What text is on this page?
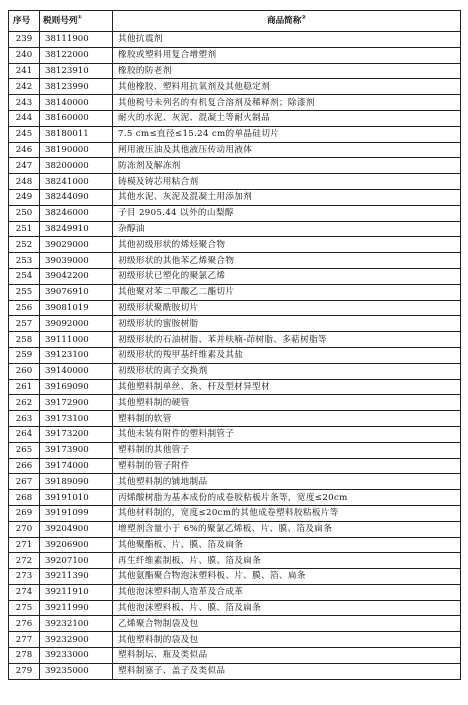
序号	税则号列①	商品简称②
239	38111900	其他抗震剂
240	38122000	橡胶或塑料用复合增塑剂
241	38123910	橡胶的防老剂
242	38123990	其他橡胶、塑料用抗氧剂及其他稳定剂
243	38140000	其他税号未列名的有机复合溶剂及稀释剂；除漆剂
244	38160000	耐火的水泥、灰泥、混凝土等耐火制品
245	38180011	7.5 cm≤直径≤15.24 cm的单晶硅切片
246	38190000	闸用液压油及其他液压传动用液体
247	38200000	防冻剂及解冻剂
248	38241000	铸模及铸芯用粘合剂
249	38244090	其他水泥、灰泥及混凝土用添加剂
250	38246000	子目 2905.44 以外的山梨醇
251	38249910	杂醇油
252	39029000	其他初级形状的烯烃聚合物
253	39039000	初级形状的其他苯乙烯聚合物
254	39042200	初级形状已塑化的聚氯乙烯
255	39076910	其他聚对苯二甲酸乙二酯切片
256	39081019	初级形状聚酰胺切片
257	39092000	初级形状的蜜胺树脂
258	39111000	初级形状的石油树脂、苯并呋喃-茚树脂、多萜树脂等
259	39123100	初级形状的羧甲基纤维素及其盐
260	39140000	初级形状的离子交换剂
261	39169090	其他塑料制单丝、条、杆及型材异型材
262	39172900	其他塑料制的硬管
263	39173100	塑料制的软管
264	39173200	其他未装有附件的塑料制管子
265	39173900	塑料制的其他管子
266	39174000	塑料制的管子附件
267	39189090	其他塑料制的铺地制品
268	39191010	丙烯酸树脂为基本成份的成卷胶粘板片条等，宽度≤20cm
269	39191099	其他材料制的，宽度≤20cm的其他成卷塑料胶粘板片等
270	39204900	增塑剂含量小于 6%的聚氯乙烯板、片、膜、箔及扁条
271	39206900	其他聚酯板、片、膜、箔及扁条
272	39207100	再生纤维素制板、片、膜、箔及扁条
273	39211390	其他氨酯聚合物泡沫塑料板、片、膜、箔、扁条
274	39211910	其他泡沫塑料制人造革及合成革
275	39211990	其他泡沫塑料板、片、膜、箔及扁条
276	39232100	乙烯聚合物制袋及包
277	39232900	其他塑料制的袋及包
278	39233000	塑料制坛、瓶及类似品
279	39235000	塑料制塞子、盖子及类似品
